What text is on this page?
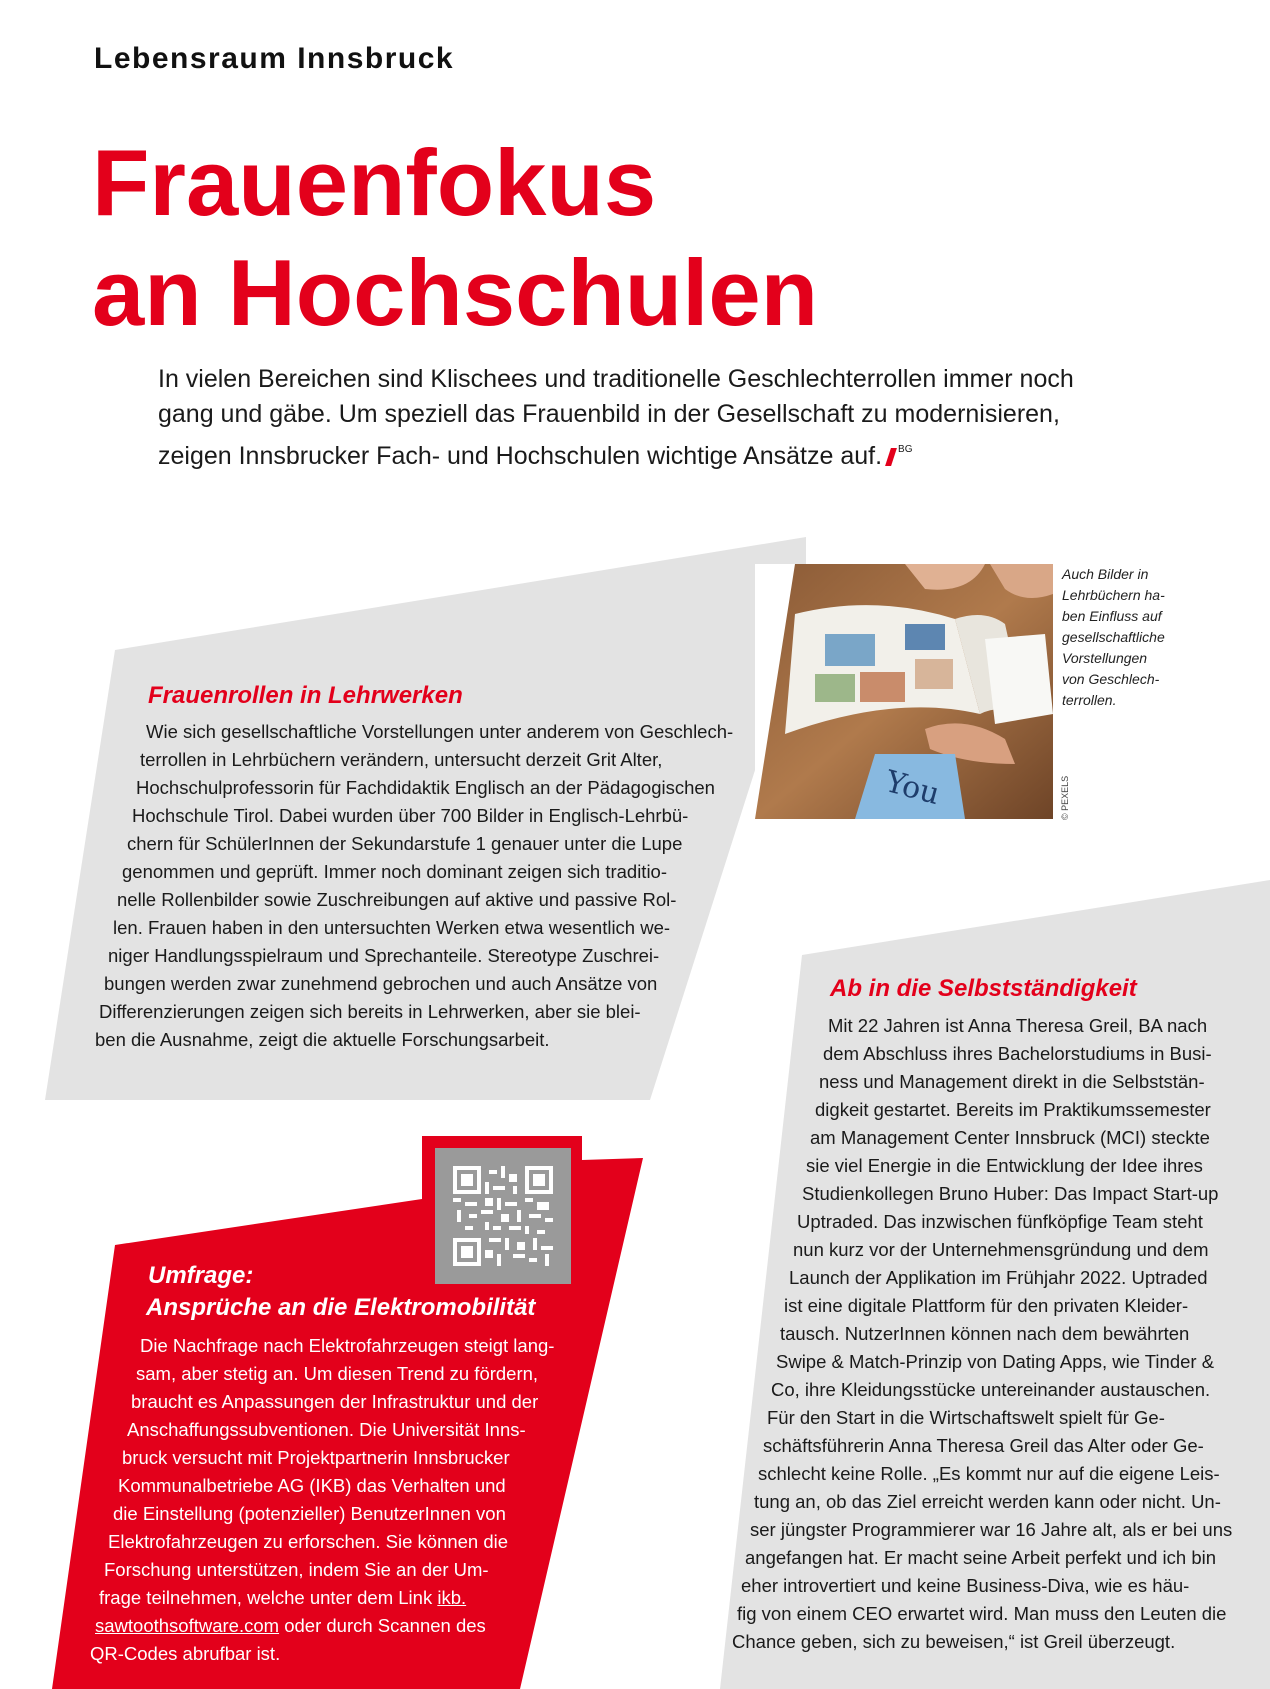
Lebensraum Innsbruck
Frauenfokus
an Hochschulen
In vielen Bereichen sind Klischees und traditionelle Geschlechterrollen immer noch
gang und gäbe. Um speziell das Frauenbild in der Gesellschaft zu modernisieren,
zeigen Innsbrucker Fach- und Hochschulen wichtige Ansätze auf. $^{BG}$
You
Auch Bilder in
Lehrbüchern ha-
ben Einfluss auf
gesellschaftliche
Vorstellungen
von Geschlech-
terrollen.
© PEXELS
Frauenrollen in Lehrwerken
Wie sich gesellschaftliche Vorstellungen unter anderem von Geschlech-
terrollen in Lehrbüchern verändern, untersucht derzeit Grit Alter,
Hochschulprofessorin für Fachdidaktik Englisch an der Pädagogischen
Hochschule Tirol. Dabei wurden über 700 Bilder in Englisch-Lehrbü-
chern für SchülerInnen der Sekundarstufe 1 genauer unter die Lupe
genommen und geprüft. Immer noch dominant zeigen sich traditio-
nelle Rollenbilder sowie Zuschreibungen auf aktive und passive Rol-
len. Frauen haben in den untersuchten Werken etwa wesentlich we-
niger Handlungsspielraum und Sprechanteile. Stereotype Zuschrei-
bungen werden zwar zunehmend gebrochen und auch Ansätze von
Differenzierungen zeigen sich bereits in Lehrwerken, aber sie blei-
ben die Ausnahme, zeigt die aktuelle Forschungsarbeit.
Ab in die Selbstständigkeit
Mit 22 Jahren ist Anna Theresa Greil, BA nach
dem Abschluss ihres Bachelorstudiums in Busi-
ness und Management direkt in die Selbststän-
digkeit gestartet. Bereits im Praktikumssemester
am Management Center Innsbruck (MCI) steckte
sie viel Energie in die Entwicklung der Idee ihres
Studienkollegen Bruno Huber: Das Impact Start-up
Uptraded. Das inzwischen fünfköpfige Team steht
nun kurz vor der Unternehmensgründung und dem
Launch der Applikation im Frühjahr 2022. Uptraded
ist eine digitale Plattform für den privaten Kleider-
tausch. NutzerInnen können nach dem bewährten
Swipe & Match-Prinzip von Dating Apps, wie Tinder &
Co, ihre Kleidungsstücke untereinander austauschen.
Für den Start in die Wirtschaftswelt spielt für Ge-
schäftsführerin Anna Theresa Greil das Alter oder Ge-
schlecht keine Rolle. „Es kommt nur auf die eigene Leis-
tung an, ob das Ziel erreicht werden kann oder nicht. Un-
ser jüngster Programmierer war 16 Jahre alt, als er bei uns
angefangen hat. Er macht seine Arbeit perfekt und ich bin
eher introvertiert und keine Business-Diva, wie es häu-
fig von einem CEO erwartet wird. Man muss den Leuten die
Chance geben, sich zu beweisen,“ ist Greil überzeugt.
Umfrage:
Ansprüche an die Elektromobilität
Die Nachfrage nach Elektrofahrzeugen steigt lang-
sam, aber stetig an. Um diesen Trend zu fördern,
braucht es Anpassungen der Infrastruktur und der
Anschaffungssubventionen. Die Universität Inns-
bruck versucht mit Projektpartnerin Innsbrucker
Kommunalbetriebe AG (IKB) das Verhalten und
die Einstellung (potenzieller) BenutzerInnen von
Elektrofahrzeugen zu erforschen. Sie können die
Forschung unterstützen, indem Sie an der Um-
frage teilnehmen, welche unter dem Link ikb.
sawtoothsoftware.com oder durch Scannen des
QR-Codes abrufbar ist.
